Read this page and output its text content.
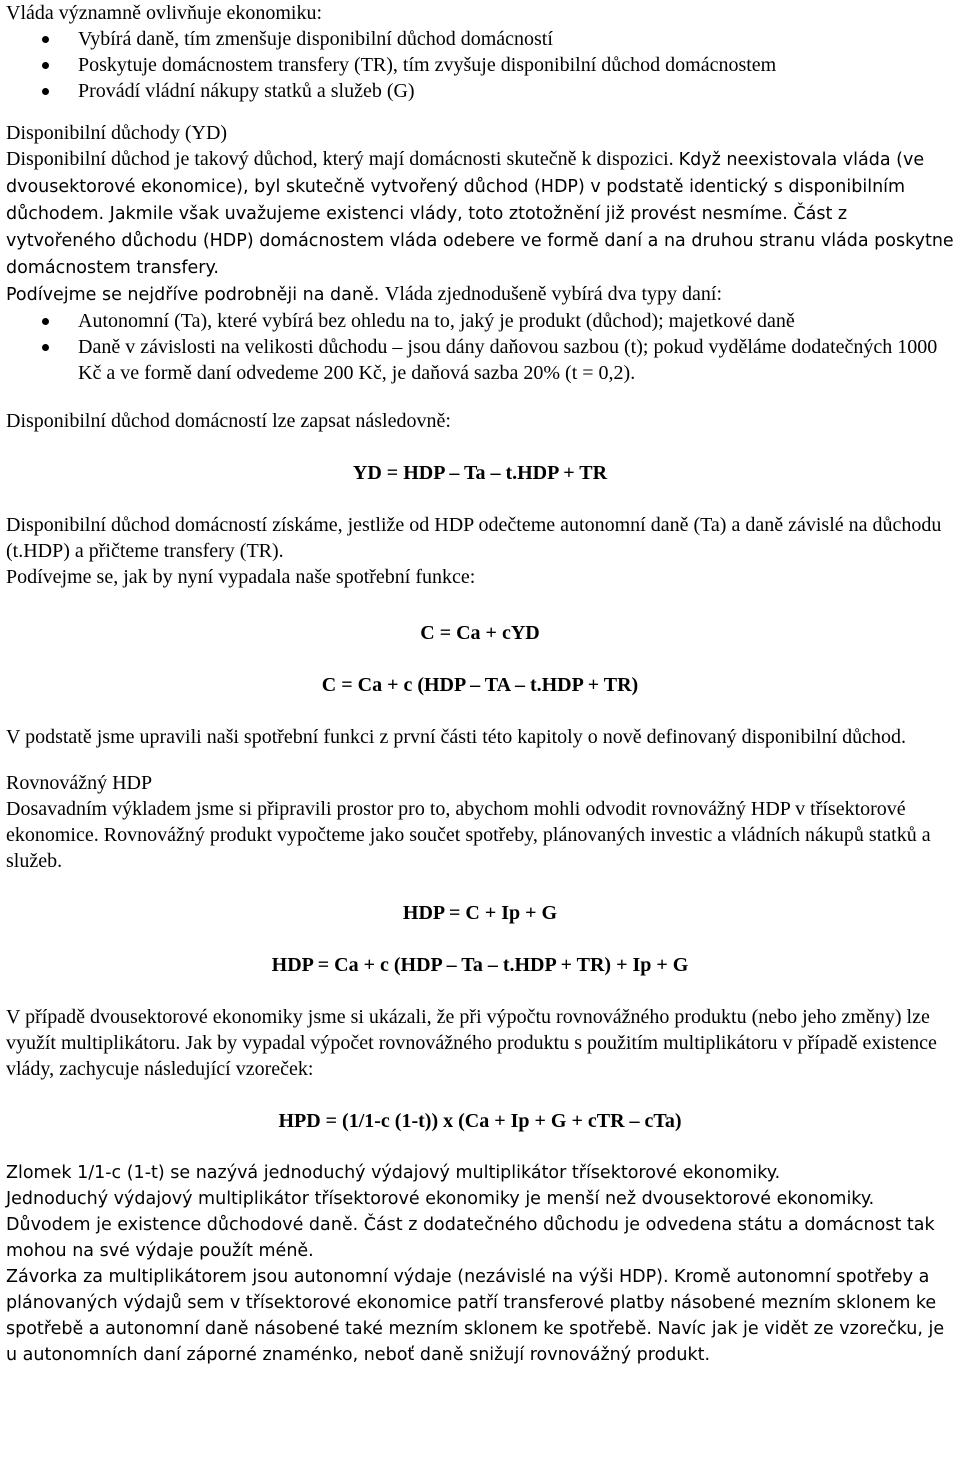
Vláda významně ovlivňuje ekonomiku:

Vybírá daně, tím zmenšuje disponibilní důchod domácností
Poskytuje domácnostem transfery (TR), tím zvyšuje disponibilní důchod domácnostem
Provádí vládní nákupy statků a služeb (G)

Disponibilní důchody (YD)

Disponibilní důchod je takový důchod, který mají domácnosti skutečně k dispozici. Když neexistovala vláda (ve dvousektorové ekonomice), byl skutečně vytvořený důchod (HDP) v podstatě identický s disponibilním důchodem. Jakmile však uvažujeme existenci vlády, toto ztotožnění již provést nesmíme. Část z vytvořeného důchodu (HDP) domácnostem vláda odebere ve formě daní a na druhou stranu vláda poskytne domácnostem transfery.

Podívejme se nejdříve podrobněji na daně. Vláda zjednodušeně vybírá dva typy daní:

Autonomní (Ta), které vybírá bez ohledu na to, jaký je produkt (důchod); majetkové daně
Daně v závislosti na velikosti důchodu – jsou dány daňovou sazbou (t); pokud vyděláme dodatečných 1000 Kč a ve formě daní odvedeme 200 Kč, je daňová sazba 20% (t = 0,2).

Disponibilní důchod domácností lze zapsat následovně:

YD = HDP – Ta – t.HDP + TR

Disponibilní důchod domácností získáme, jestliže od HDP odečteme autonomní daně (Ta) a daně závislé na důchodu (t.HDP) a přičteme transfery (TR).

Podívejme se, jak by nyní vypadala naše spotřební funkce:

C = Ca + cYD

C = Ca + c (HDP – TA – t.HDP + TR)

V podstatě jsme upravili naši spotřební funkci z první části této kapitoly o nově definovaný disponibilní důchod.

Rovnovážný HDP

Dosavadním výkladem jsme si připravili prostor pro to, abychom mohli odvodit rovnovážný HDP v třísektorové ekonomice. Rovnovážný produkt vypočteme jako součet spotřeby, plánovaných investic a vládních nákupů statků a služeb.

HDP = C + Ip + G

HDP = Ca + c (HDP – Ta – t.HDP + TR) + Ip + G

V případě dvousektorové ekonomiky jsme si ukázali, že při výpočtu rovnovážného produktu (nebo jeho změny) lze využít multiplikátoru. Jak by vypadal výpočet rovnovážného produktu s použitím multiplikátoru v případě existence vlády, zachycuje následující vzoreček:

HPD = (1/1-c (1-t)) x (Ca + Ip + G + cTR – cTa)

Zlomek 1/1-c (1-t) se nazývá jednoduchý výdajový multiplikátor třísektorové ekonomiky.

Jednoduchý výdajový multiplikátor třísektorové ekonomiky je menší než dvousektorové ekonomiky. Důvodem je existence důchodové daně. Část z dodatečného důchodu je odvedena státu a domácnost tak mohou na své výdaje použít méně.

Závorka za multiplikátorem jsou autonomní výdaje (nezávislé na výši HDP). Kromě autonomní spotřeby a plánovaných výdajů sem v třísektorové ekonomice patří transferové platby násobené mezním sklonem ke spotřebě a autonomní daně násobené také mezním sklonem ke spotřebě. Navíc jak je vidět ze vzorečku, je u autonomních daní záporné znaménko, neboť daně snižují rovnovážný produkt.
